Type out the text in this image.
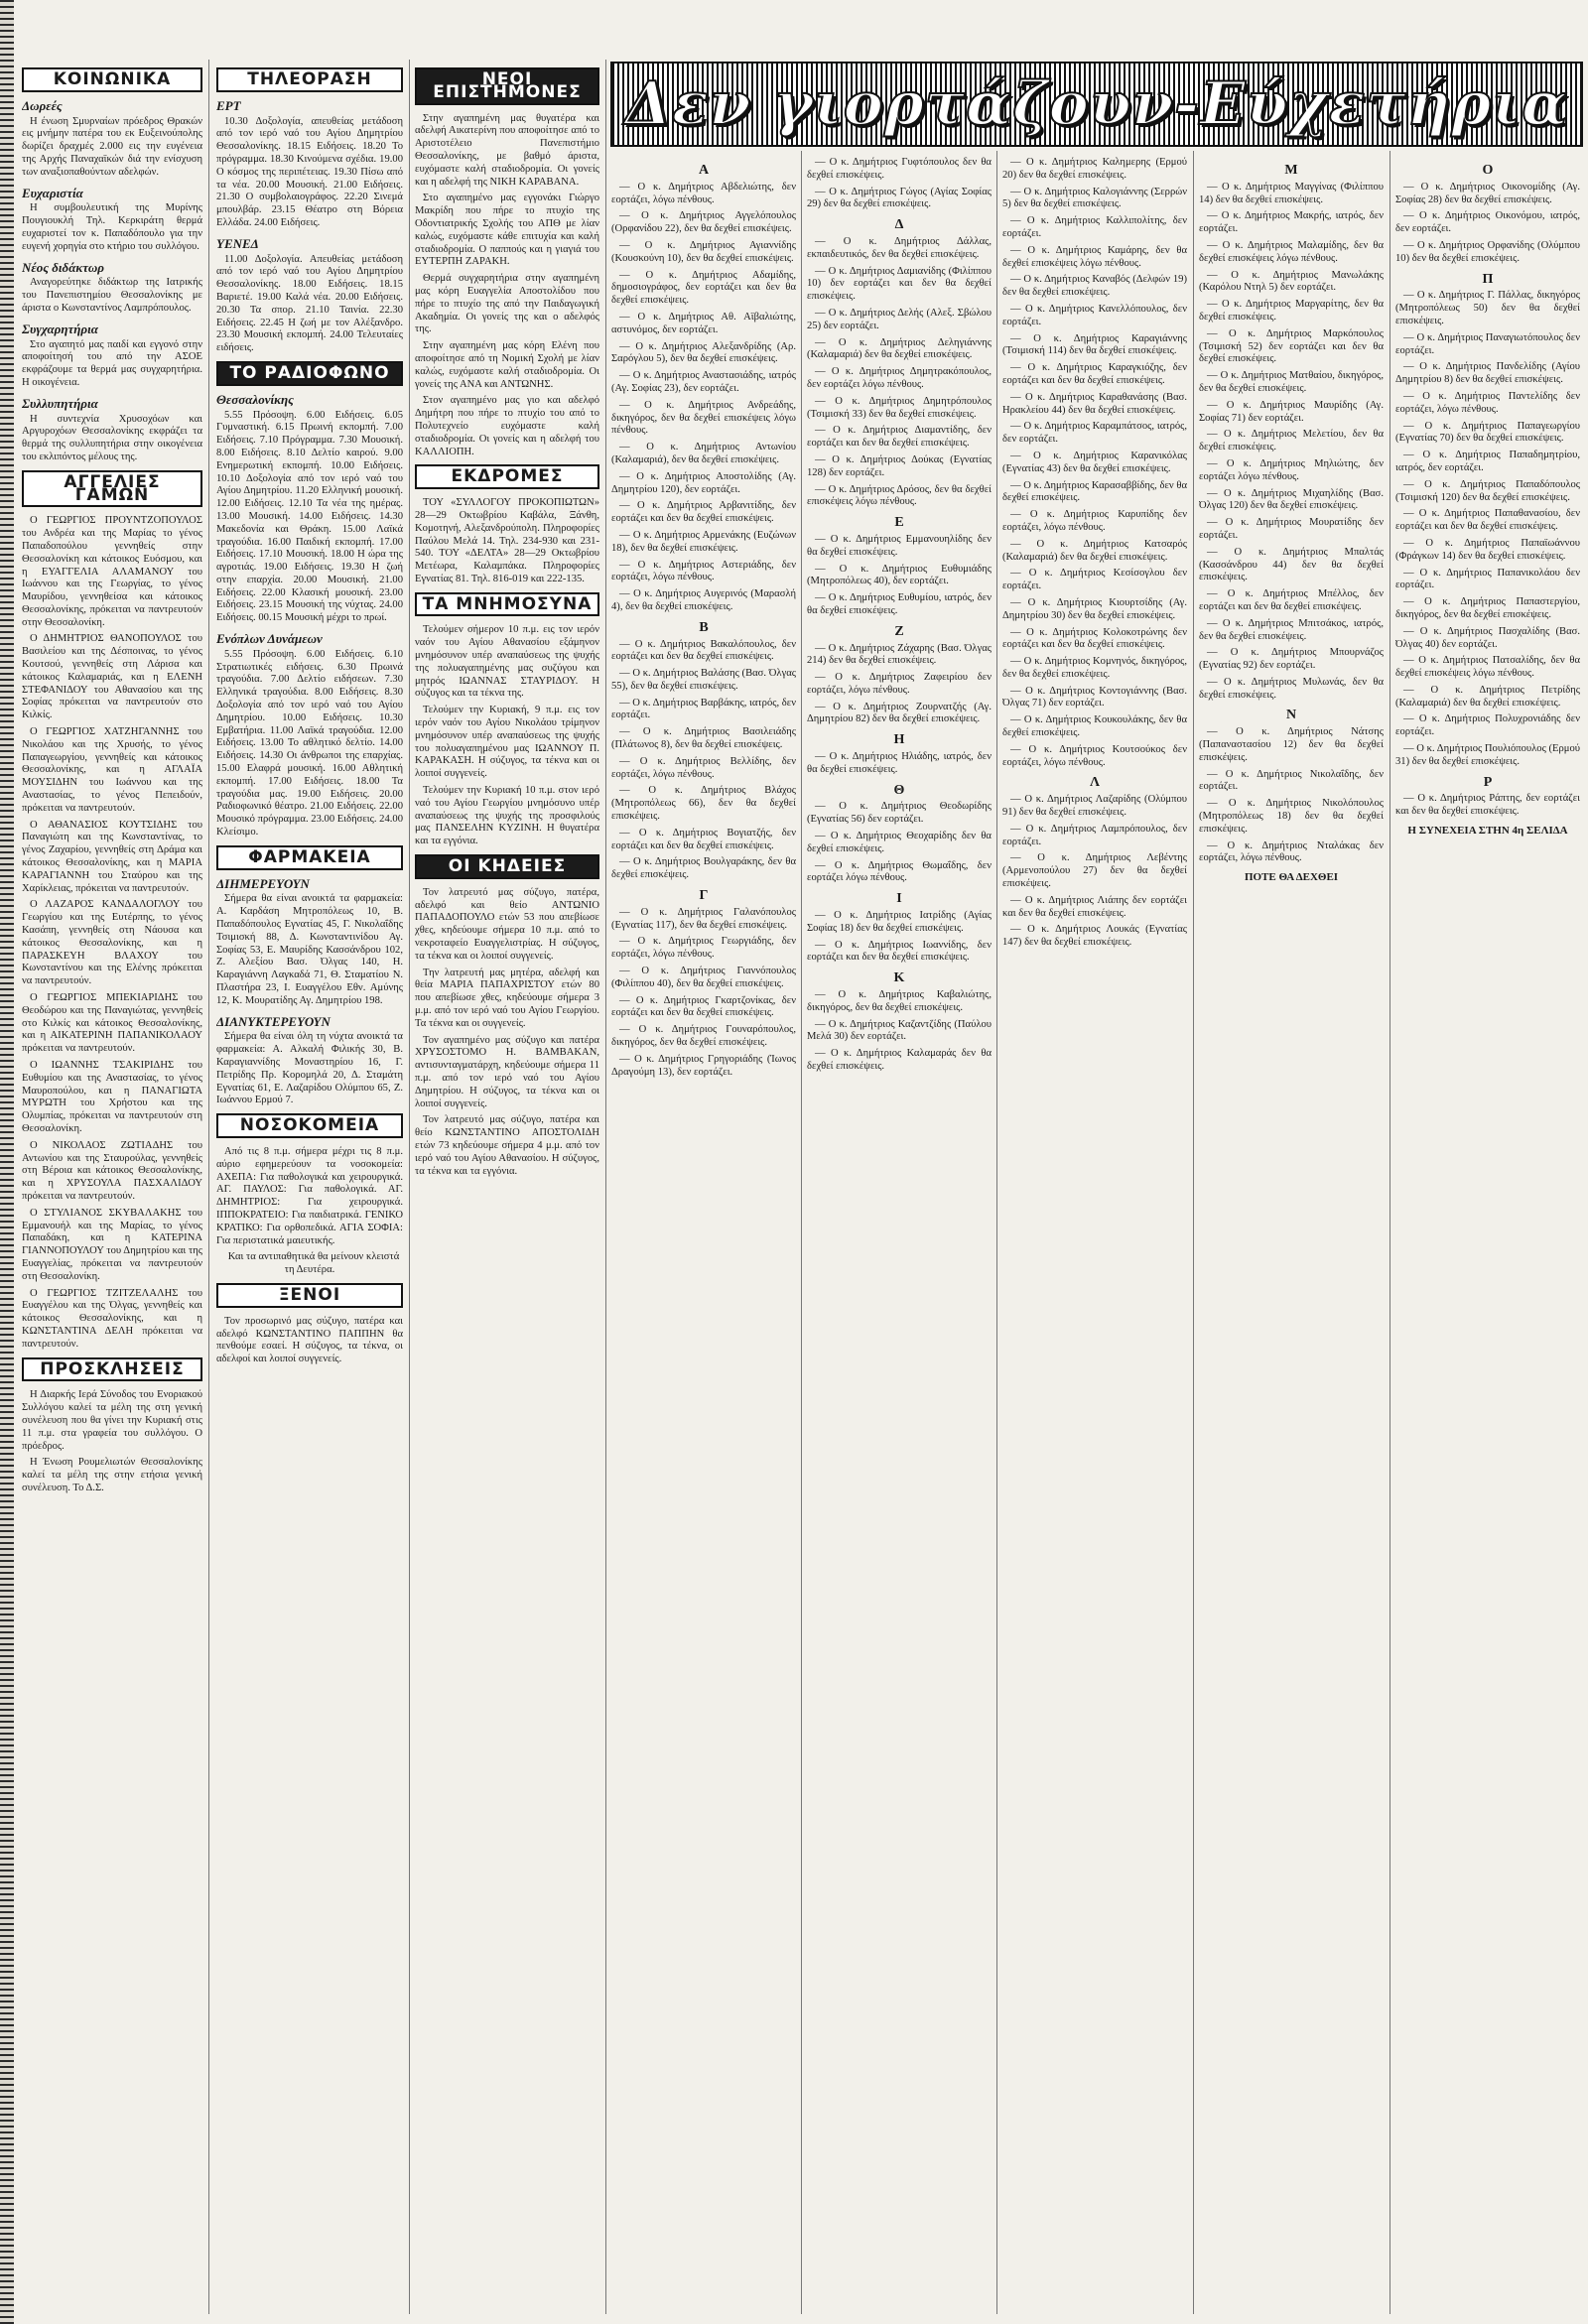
Δεν γιορτάζουν-Εύχετήρια
ΚΟΙΝΩΝΙΚΑ
Δωρεές

Η ένωση Σμυρναίων πρόεδρος Θρακών εις μνήμην πατέρα του εκ Ευξεινούπολης δωρίζει δραχμές 2.000 εις την ευγένεια της Αρχής Παναχαϊκών διά την ενίσχυση των αναξιοπαθούντων αδελφών.

Ευχαριστία

Η συμβουλευτική της Μυρίνης Πουγιουκλή Τηλ. Κερκιράτη θερμά ευχαριστεί τον κ. Παπαδόπουλο για την ευγενή χορηγία στο κτήριο του συλλόγου.

Νέος διδάκτωρ

Αναγορεύτηκε διδάκτωρ της Ιατρικής του Πανεπιστημίου Θεσσαλονίκης με άριστα ο Κωνσταντίνος Λαμπρόπουλος.

Συγχαρητήρια

Στο αγαπητό μας παιδί και εγγονό στην αποφοίτησή του από την ΑΣΟΕ εκφράζουμε τα θερμά μας συγχαρητήρια. Η οικογένεια.

Συλλυπητήρια

Η συντεχνία Χρυσοχόων και Αργυροχόων Θεσσαλονίκης εκφράζει τα θερμά της συλλυπητήρια στην οικογένεια του εκλιπόντος μέλους της.

ΑΓΓΕΛΙΕΣ ΓΑΜΩΝ

Ο ΓΕΩΡΓΙΟΣ ΠΡΟΥΝΤΖΟΠΟΥΛΟΣ του Ανδρέα και της Μαρίας το γένος Παπαδοπούλου γεννηθείς στην Θεσσαλονίκη και κάτοικος Ευόσμου, και η ΕΥΑΓΓΕΛΙΑ ΑΛΑΜΑΝΟΥ του Ιωάννου και της Γεωργίας, το γένος Μαυρίδου, γεννηθείσα και κάτοικος Θεσσαλονίκης, πρόκειται να παντρευτούν στην Θεσσαλονίκη.

Ο ΔΗΜΗΤΡΙΟΣ ΘΑΝΟΠΟΥΛΟΣ του Βασιλείου και της Δέσποινας, το γένος Κουτσού, γεννηθείς στη Λάρισα και κάτοικος Καλαμαριάς, και η ΕΛΕΝΗ ΣΤΕΦΑΝΙΔΟΥ του Αθανασίου και της Σοφίας πρόκειται να παντρευτούν στο Κιλκίς.

Ο ΓΕΩΡΓΙΟΣ ΧΑΤΖΗΓΑΝΝΗΣ του Νικολάου και της Χρυσής, το γένος Παπαγεωργίου, γεννηθείς και κάτοικος Θεσσαλονίκης, και η ΑΓΛΑΪΑ ΜΟΥΣΙΔΗΝ του Ιωάννου και της Αναστασίας, το γένος Πεπειδούν, πρόκειται να παντρευτούν.

Ο ΑΘΑΝΑΣΙΟΣ ΚΟΥΤΣΙΔΗΣ του Παναγιώτη και της Κωνσταντίνας, το γένος Ζαχαρίου, γεννηθείς στη Δράμα και κάτοικος Θεσσαλονίκης, και η ΜΑΡΙΑ ΚΑΡΑΓΙΑΝΝΗ του Σταύρου και της Χαρίκλειας, πρόκειται να παντρευτούν.

Ο ΛΑΖΑΡΟΣ ΚΑΝΔΑΛΟΓΛΟΥ του Γεωργίου και της Ευτέρπης, το γένος Κασάπη, γεννηθείς στη Νάουσα και κάτοικος Θεσσαλονίκης, και η ΠΑΡΑΣΚΕΥΗ ΒΛΑΧΟΥ του Κωνσταντίνου και της Ελένης πρόκειται να παντρευτούν.

Ο ΓΕΩΡΓΙΟΣ ΜΠΕΚΙΑΡΙΔΗΣ του Θεοδώρου και της Παναγιώτας, γεννηθείς στο Κιλκίς και κάτοικος Θεσσαλονίκης, και η ΑΙΚΑΤΕΡΙΝΗ ΠΑΠΑΝΙΚΟΛΑΟΥ πρόκειται να παντρευτούν.

Ο ΙΩΑΝΝΗΣ ΤΣΑΚΙΡΙΔΗΣ του Ευθυμίου και της Αναστασίας, το γένος Μαυροπούλου, και η ΠΑΝΑΓΙΩΤΑ ΜΥΡΩΤΗ του Χρήστου και της Ολυμπίας, πρόκειται να παντρευτούν στη Θεσσαλονίκη.

Ο ΝΙΚΟΛΑΟΣ ΖΩΤΙΑΔΗΣ του Αντωνίου και της Σταυρούλας, γεννηθείς στη Βέροια και κάτοικος Θεσσαλονίκης, και η ΧΡΥΣΟΥΛΑ ΠΑΣΧΑΛΙΔΟΥ πρόκειται να παντρευτούν.

Ο ΣΤΥΛΙΑΝΟΣ ΣΚΥΒΑΛΑΚΗΣ του Εμμανουήλ και της Μαρίας, το γένος Παπαδάκη, και η ΚΑΤΕΡΙΝΑ ΓΙΑΝΝΟΠΟΥΛΟΥ του Δημητρίου και της Ευαγγελίας, πρόκειται να παντρευτούν στη Θεσσαλονίκη.

Ο ΓΕΩΡΓΙΟΣ ΤΖΙΤΖΕΛΑΛΗΣ του Ευαγγέλου και της Όλγας, γεννηθείς και κάτοικος Θεσσαλονίκης, και η ΚΩΝΣΤΑΝΤΙΝΑ ΔΕΛΗ πρόκειται να παντρευτούν.

ΠΡΟΣΚΛΗΣΕΙΣ

Η Διαρκής Ιερά Σύνοδος του Ενοριακού Συλλόγου καλεί τα μέλη της στη γενική συνέλευση που θα γίνει την Κυριακή στις 11 π.μ. στα γραφεία του συλλόγου. Ο πρόεδρος.

Η Ένωση Ρουμελιωτών Θεσσαλονίκης καλεί τα μέλη της στην ετήσια γενική συνέλευση. Το Δ.Σ.

ΤΗΛΕΟΡΑΣΗ
ΕΡΤ

10.30 Δοξολογία, απευθείας μετάδοση από τον ιερό ναό του Αγίου Δημητρίου Θεσσαλονίκης. 18.15 Ειδήσεις. 18.20 Το πρόγραμμα. 18.30 Κινούμενα σχέδια. 19.00 Ο κόσμος της περιπέτειας. 19.30 Πίσω από τα νέα. 20.00 Μουσική. 21.00 Ειδήσεις. 21.30 Ο συμβολαιογράφος. 22.20 Σινεμά μπουλβάρ. 23.15 Θέατρο στη Βόρεια Ελλάδα. 24.00 Ειδήσεις.

ΥΕΝΕΔ

11.00 Δοξολογία. Απευθείας μετάδοση από τον ιερό ναό του Αγίου Δημητρίου Θεσσαλονίκης. 18.00 Ειδήσεις. 18.15 Βαριετέ. 19.00 Καλά νέα. 20.00 Ειδήσεις. 20.30 Τα σπορ. 21.10 Ταινία. 22.30 Ειδήσεις. 22.45 Η ζωή με τον Αλέξανδρο. 23.30 Μουσική εκπομπή. 24.00 Τελευταίες ειδήσεις.

ΤΟ ΡΑΔΙΟΦΩΝΟ
Θεσσαλονίκης

5.55 Πρόσοψη. 6.00 Ειδήσεις. 6.05 Γυμναστική. 6.15 Πρωινή εκπομπή. 7.00 Ειδήσεις. 7.10 Πρόγραμμα. 7.30 Μουσική. 8.00 Ειδήσεις. 8.10 Δελτίο καιρού. 9.00 Ενημερωτική εκπομπή. 10.00 Ειδήσεις. 10.10 Δοξολογία από τον ιερό ναό του Αγίου Δημητρίου. 11.20 Ελληνική μουσική. 12.00 Ειδήσεις. 12.10 Τα νέα της ημέρας. 13.00 Μουσική. 14.00 Ειδήσεις. 14.30 Μακεδονία και Θράκη. 15.00 Λαϊκά τραγούδια. 16.00 Παιδική εκπομπή. 17.00 Ειδήσεις. 17.10 Μουσική. 18.00 Η ώρα της αγροτιάς. 19.00 Ειδήσεις. 19.30 Η ζωή στην επαρχία. 20.00 Μουσική. 21.00 Ειδήσεις. 22.00 Κλασική μουσική. 23.00 Ειδήσεις. 23.15 Μουσική της νύχτας. 24.00 Ειδήσεις. 00.15 Μουσική μέχρι το πρωί.

Ενόπλων Δυνάμεων

5.55 Πρόσοψη. 6.00 Ειδήσεις. 6.10 Στρατιωτικές ειδήσεις. 6.30 Πρωινά τραγούδια. 7.00 Δελτίο ειδήσεων. 7.30 Ελληνικά τραγούδια. 8.00 Ειδήσεις. 8.30 Δοξολογία από τον ιερό ναό του Αγίου Δημητρίου. 10.00 Ειδήσεις. 10.30 Εμβατήρια. 11.00 Λαϊκά τραγούδια. 12.00 Ειδήσεις. 13.00 Το αθλητικό δελτίο. 14.00 Ειδήσεις. 14.30 Οι άνθρωποι της επαρχίας. 15.00 Ελαφρά μουσική. 16.00 Αθλητική εκπομπή. 17.00 Ειδήσεις. 18.00 Τα τραγούδια μας. 19.00 Ειδήσεις. 20.00 Ραδιοφωνικό θέατρο. 21.00 Ειδήσεις. 22.00 Μουσικό πρόγραμμα. 23.00 Ειδήσεις. 24.00 Κλείσιμο.

ΦΑΡΜΑΚΕΙΑ
ΔΙΗΜΕΡΕΥΟΥΝ

Σήμερα θα είναι ανοικτά τα φαρμακεία: Α. Καρδάση Μητροπόλεως 10, Β. Παπαδόπουλος Εγνατίας 45, Γ. Νικολαΐδης Τσιμισκή 88, Δ. Κωνσταντινίδου Αγ. Σοφίας 53, Ε. Μαυρίδης Κασσάνδρου 102, Ζ. Αλεξίου Βασ. Όλγας 140, Η. Καραγιάννη Λαγκαδά 71, Θ. Σταματίου Ν. Πλαστήρα 23, Ι. Ευαγγέλου Εθν. Αμύνης 12, Κ. Μουρατίδης Αγ. Δημητρίου 198.

ΔΙΑΝΥΚΤΕΡΕΥΟΥΝ

Σήμερα θα είναι όλη τη νύχτα ανοικτά τα φαρμακεία: Α. Αλκαλή Φιλικής 30, Β. Καραγιαννίδης Μοναστηρίου 16, Γ. Πετρίδης Πρ. Κορομηλά 20, Δ. Σταμάτη Εγνατίας 61, Ε. Λαζαρίδου Ολύμπου 65, Ζ. Ιωάννου Ερμού 7.

ΝΟΣΟΚΟΜΕΙΑ

Από τις 8 π.μ. σήμερα μέχρι τις 8 π.μ. αύριο εφημερεύουν τα νοσοκομεία: ΑΧΕΠΑ: Για παθολογικά και χειρουργικά. ΑΓ. ΠΑΥΛΟΣ: Για παθολογικά. ΑΓ. ΔΗΜΗΤΡΙΟΣ: Για χειρουργικά. ΙΠΠΟΚΡΑΤΕΙΟ: Για παιδιατρικά. ΓΕΝΙΚΟ ΚΡΑΤΙΚΟ: Για ορθοπεδικά. ΑΓΙΑ ΣΟΦΙΑ: Για περιστατικά μαιευτικής.

Και τα αντιπαθητικά θα μείνουν κλειστά τη Δευτέρα.

ΞΕΝΟΙ

Τον προσωρινό μας σύζυγο, πατέρα και αδελφό ΚΩΝΣΤΑΝΤΙΝΟ ΠΑΠΠΗΝ θα πενθούμε εσαεί. Η σύζυγος, τα τέκνα, οι αδελφοί και λοιποί συγγενείς.

ΝΕΟΙ ΕΠΙΣΤΗΜΟΝΕΣ

Στην αγαπημένη μας θυγατέρα και αδελφή Αικατερίνη που αποφοίτησε από το Αριστοτέλειο Πανεπιστήμιο Θεσσαλονίκης, με βαθμό άριστα, ευχόμαστε καλή σταδιοδρομία. Οι γονείς και η αδελφή της ΝΙΚΗ ΚΑΡΑΒΑΝΑ.

Στο αγαπημένο μας εγγονάκι Γιώργο Μακρίδη που πήρε το πτυχίο της Οδοντιατρικής Σχολής του ΑΠΘ με λίαν καλώς, ευχόμαστε κάθε επιτυχία και καλή σταδιοδρομία. Ο παππούς και η γιαγιά του ΕΥΤΕΡΠΗ ΖΑΡΑΚΗ.

Θερμά συγχαρητήρια στην αγαπημένη μας κόρη Ευαγγελία Αποστολίδου που πήρε το πτυχίο της από την Παιδαγωγική Ακαδημία. Οι γονείς της και ο αδελφός της.

Στην αγαπημένη μας κόρη Ελένη που αποφοίτησε από τη Νομική Σχολή με λίαν καλώς, ευχόμαστε καλή σταδιοδρομία. Οι γονείς της ΑΝΑ και ΑΝΤΩΝΗΣ.

Στον αγαπημένο μας γιο και αδελφό Δημήτρη που πήρε το πτυχίο του από το Πολυτεχνείο ευχόμαστε καλή σταδιοδρομία. Οι γονείς και η αδελφή του ΚΑΛΛΙΟΠΗ.

ΕΚΔΡΟΜΕΣ

ΤΟΥ «ΣΥΛΛΟΓΟΥ ΠΡΟΚΟΠΙΩΤΩΝ» 28—29 Οκτωβρίου Καβάλα, Ξάνθη, Κομοτηνή, Αλεξανδρούπολη. Πληροφορίες Παύλου Μελά 14. Τηλ. 234-930 και 231-540. ΤΟΥ «ΔΕΛΤΑ» 28—29 Οκτωβρίου Μετέωρα, Καλαμπάκα. Πληροφορίες Εγνατίας 81. Τηλ. 816-019 και 222-135.

ΤΑ ΜΝΗΜΟΣΥΝΑ

Τελούμεν σήμερον 10 π.μ. εις τον ιερόν ναόν του Αγίου Αθανασίου εξάμηνον μνημόσυνον υπέρ αναπαύσεως της ψυχής της πολυαγαπημένης μας συζύγου και μητρός ΙΩΑΝΝΑΣ ΣΤΑΥΡΙΔΟΥ. Η σύζυγος και τα τέκνα της.

Τελούμεν την Κυριακή, 9 π.μ. εις τον ιερόν ναόν του Αγίου Νικολάου τρίμηνον μνημόσυνον υπέρ αναπαύσεως της ψυχής του πολυαγαπημένου μας ΙΩΑΝΝΟΥ Π. ΚΑΡΑΚΑΣΗ. Η σύζυγος, τα τέκνα και οι λοιποί συγγενείς.

Τελούμεν την Κυριακή 10 π.μ. στον ιερό ναό του Αγίου Γεωργίου μνημόσυνο υπέρ αναπαύσεως της ψυχής της προσφιλούς μας ΠΑΝΣΕΛΗΝ ΚΥΖΙΝΗ. Η θυγατέρα και τα εγγόνια.

ΟΙ ΚΗΔΕΙΕΣ

Τον λατρευτό μας σύζυγο, πατέρα, αδελφό και θείο ΑΝΤΩΝΙΟ ΠΑΠΑΔΟΠΟΥΛΟ ετών 53 που απεβίωσε χθες, κηδεύουμε σήμερα 10 π.μ. από το νεκροταφείο Ευαγγελιστρίας. Η σύζυγος, τα τέκνα και οι λοιποί συγγενείς.

Την λατρευτή μας μητέρα, αδελφή και θεία ΜΑΡΙΑ ΠΑΠΑΧΡΙΣΤΟΥ ετών 80 που απεβίωσε χθες, κηδεύουμε σήμερα 3 μ.μ. από τον ιερό ναό του Αγίου Γεωργίου. Τα τέκνα και οι συγγενείς.

Τον αγαπημένο μας σύζυγο και πατέρα ΧΡΥΣΟΣΤΟΜΟ Η. ΒΑΜΒΑΚΑΝ, αντισυνταγματάρχη, κηδεύουμε σήμερα 11 π.μ. από τον ιερό ναό του Αγίου Δημητρίου. Η σύζυγος, τα τέκνα και οι λοιποί συγγενείς.

Τον λατρευτό μας σύζυγο, πατέρα και θείο ΚΩΝΣΤΑΝΤΙΝΟ ΑΠΟΣΤΟΛΙΔΗ ετών 73 κηδεύουμε σήμερα 4 μ.μ. από τον ιερό ναό του Αγίου Αθανασίου. Η σύζυγος, τα τέκνα και τα εγγόνια.

Α

— Ο κ. Δημήτριος Αβδελιώτης, δεν εορτάζει, λόγω πένθους.

— Ο κ. Δημήτριος Αγγελόπουλος (Ορφανίδου 22), δεν θα δεχθεί επισκέψεις.

— Ο κ. Δημήτριος Αγιαννίδης (Κουσκούνη 10), δεν θα δεχθεί επισκέψεις.

— Ο κ. Δημήτριος Αδαμίδης, δημοσιογράφος, δεν εορτάζει και δεν θα δεχθεί επισκέψεις.

— Ο κ. Δημήτριος Αθ. Αϊβαλιώτης, αστυνόμος, δεν εορτάζει.

— Ο κ. Δημήτριος Αλεξανδρίδης (Αρ. Σαρόγλου 5), δεν θα δεχθεί επισκέψεις.

— Ο κ. Δημήτριος Αναστασιάδης, ιατρός (Αγ. Σοφίας 23), δεν εορτάζει.

— Ο κ. Δημήτριος Ανδρεάδης, δικηγόρος, δεν θα δεχθεί επισκέψεις λόγω πένθους.

— Ο κ. Δημήτριος Αντωνίου (Καλαμαριά), δεν θα δεχθεί επισκέψεις.

— Ο κ. Δημήτριος Αποστολίδης (Αγ. Δημητρίου 120), δεν εορτάζει.

— Ο κ. Δημήτριος Αρβανιτίδης, δεν εορτάζει και δεν θα δεχθεί επισκέψεις.

— Ο κ. Δημήτριος Αρμενάκης (Ευζώνων 18), δεν θα δεχθεί επισκέψεις.

— Ο κ. Δημήτριος Αστεριάδης, δεν εορτάζει, λόγω πένθους.

— Ο κ. Δημήτριος Αυγερινός (Μαρασλή 4), δεν θα δεχθεί επισκέψεις.

Β

— Ο κ. Δημήτριος Βακαλόπουλος, δεν εορτάζει και δεν θα δεχθεί επισκέψεις.

— Ο κ. Δημήτριος Βαλάσης (Βασ. Όλγας 55), δεν θα δεχθεί επισκέψεις.

— Ο κ. Δημήτριος Βαρβάκης, ιατρός, δεν εορτάζει.

— Ο κ. Δημήτριος Βασιλειάδης (Πλάτωνος 8), δεν θα δεχθεί επισκέψεις.

— Ο κ. Δημήτριος Βελλίδης, δεν εορτάζει, λόγω πένθους.

— Ο κ. Δημήτριος Βλάχος (Μητροπόλεως 66), δεν θα δεχθεί επισκέψεις.

— Ο κ. Δημήτριος Βογιατζής, δεν εορτάζει και δεν θα δεχθεί επισκέψεις.

— Ο κ. Δημήτριος Βουλγαράκης, δεν θα δεχθεί επισκέψεις.

Γ

— Ο κ. Δημήτριος Γαλανόπουλος (Εγνατίας 117), δεν θα δεχθεί επισκέψεις.

— Ο κ. Δημήτριος Γεωργιάδης, δεν εορτάζει, λόγω πένθους.

— Ο κ. Δημήτριος Γιαννόπουλος (Φιλίππου 40), δεν θα δεχθεί επισκέψεις.

— Ο κ. Δημήτριος Γκαρτζονίκας, δεν εορτάζει και δεν θα δεχθεί επισκέψεις.

— Ο κ. Δημήτριος Γουναρόπουλος, δικηγόρος, δεν θα δεχθεί επισκέψεις.

— Ο κ. Δημήτριος Γρηγοριάδης (Ίωνος Δραγούμη 13), δεν εορτάζει.

— Ο κ. Δημήτριος Γυφτόπουλος δεν θα δεχθεί επισκέψεις.

— Ο κ. Δημήτριος Γώγος (Αγίας Σοφίας 29) δεν θα δεχθεί επισκέψεις.

Δ

— Ο κ. Δημήτριος Δάλλας, εκπαιδευτικός, δεν θα δεχθεί επισκέψεις.

— Ο κ. Δημήτριος Δαμιανίδης (Φιλίππου 10) δεν εορτάζει και δεν θα δεχθεί επισκέψεις.

— Ο κ. Δημήτριος Δελής (Αλεξ. Σβώλου 25) δεν εορτάζει.

— Ο κ. Δημήτριος Δεληγιάννης (Καλαμαριά) δεν θα δεχθεί επισκέψεις.

— Ο κ. Δημήτριος Δημητρακόπουλος, δεν εορτάζει λόγω πένθους.

— Ο κ. Δημήτριος Δημητρόπουλος (Τσιμισκή 33) δεν θα δεχθεί επισκέψεις.

— Ο κ. Δημήτριος Διαμαντίδης, δεν εορτάζει και δεν θα δεχθεί επισκέψεις.

— Ο κ. Δημήτριος Δούκας (Εγνατίας 128) δεν εορτάζει.

— Ο κ. Δημήτριος Δρόσος, δεν θα δεχθεί επισκέψεις λόγω πένθους.

Ε

— Ο κ. Δημήτριος Εμμανουηλίδης δεν θα δεχθεί επισκέψεις.

— Ο κ. Δημήτριος Ευθυμιάδης (Μητροπόλεως 40), δεν εορτάζει.

— Ο κ. Δημήτριος Ευθυμίου, ιατρός, δεν θα δεχθεί επισκέψεις.

Ζ

— Ο κ. Δημήτριος Ζάχαρης (Βασ. Όλγας 214) δεν θα δεχθεί επισκέψεις.

— Ο κ. Δημήτριος Ζαφειρίου δεν εορτάζει, λόγω πένθους.

— Ο κ. Δημήτριος Ζουρνατζής (Αγ. Δημητρίου 82) δεν θα δεχθεί επισκέψεις.

Η

— Ο κ. Δημήτριος Ηλιάδης, ιατρός, δεν θα δεχθεί επισκέψεις.

Θ

— Ο κ. Δημήτριος Θεοδωρίδης (Εγνατίας 56) δεν εορτάζει.

— Ο κ. Δημήτριος Θεοχαρίδης δεν θα δεχθεί επισκέψεις.

— Ο κ. Δημήτριος Θωμαΐδης, δεν εορτάζει λόγω πένθους.

Ι

— Ο κ. Δημήτριος Ιατρίδης (Αγίας Σοφίας 18) δεν θα δεχθεί επισκέψεις.

— Ο κ. Δημήτριος Ιωαννίδης, δεν εορτάζει και δεν θα δεχθεί επισκέψεις.

Κ

— Ο κ. Δημήτριος Καβαλιώτης, δικηγόρος, δεν θα δεχθεί επισκέψεις.

— Ο κ. Δημήτριος Καζαντζίδης (Παύλου Μελά 30) δεν εορτάζει.

— Ο κ. Δημήτριος Καλαμαράς δεν θα δεχθεί επισκέψεις.

— Ο κ. Δημήτριος Καλημερης (Ερμού 20) δεν θα δεχθεί επισκέψεις.

— Ο κ. Δημήτριος Καλογιάννης (Σερρών 5) δεν θα δεχθεί επισκέψεις.

— Ο κ. Δημήτριος Καλλιπολίτης, δεν εορτάζει.

— Ο κ. Δημήτριος Καμάρης, δεν θα δεχθεί επισκέψεις λόγω πένθους.

— Ο κ. Δημήτριος Καναβός (Δελφών 19) δεν θα δεχθεί επισκέψεις.

— Ο κ. Δημήτριος Κανελλόπουλος, δεν εορτάζει.

— Ο κ. Δημήτριος Καραγιάννης (Τσιμισκή 114) δεν θα δεχθεί επισκέψεις.

— Ο κ. Δημήτριος Καραγκιόζης, δεν εορτάζει και δεν θα δεχθεί επισκέψεις.

— Ο κ. Δημήτριος Καραθανάσης (Βασ. Ηρακλείου 44) δεν θα δεχθεί επισκέψεις.

— Ο κ. Δημήτριος Καραμπάτσος, ιατρός, δεν εορτάζει.

— Ο κ. Δημήτριος Καρανικόλας (Εγνατίας 43) δεν θα δεχθεί επισκέψεις.

— Ο κ. Δημήτριος Καρασαββίδης, δεν θα δεχθεί επισκέψεις.

— Ο κ. Δημήτριος Καρυπίδης δεν εορτάζει, λόγω πένθους.

— Ο κ. Δημήτριος Κατσαρός (Καλαμαριά) δεν θα δεχθεί επισκέψεις.

— Ο κ. Δημήτριος Κεσίσογλου δεν εορτάζει.

— Ο κ. Δημήτριος Κιουρτσίδης (Αγ. Δημητρίου 30) δεν θα δεχθεί επισκέψεις.

— Ο κ. Δημήτριος Κολοκοτρώνης δεν εορτάζει και δεν θα δεχθεί επισκέψεις.

— Ο κ. Δημήτριος Κομνηνός, δικηγόρος, δεν θα δεχθεί επισκέψεις.

— Ο κ. Δημήτριος Κοντογιάννης (Βασ. Όλγας 71) δεν εορτάζει.

— Ο κ. Δημήτριος Κουκουλάκης, δεν θα δεχθεί επισκέψεις.

— Ο κ. Δημήτριος Κουτσούκος δεν εορτάζει, λόγω πένθους.

Λ

— Ο κ. Δημήτριος Λαζαρίδης (Ολύμπου 91) δεν θα δεχθεί επισκέψεις.

— Ο κ. Δημήτριος Λαμπρόπουλος, δεν εορτάζει.

— Ο κ. Δημήτριος Λεβέντης (Αρμενοπούλου 27) δεν θα δεχθεί επισκέψεις.

— Ο κ. Δημήτριος Λιάπης δεν εορτάζει και δεν θα δεχθεί επισκέψεις.

— Ο κ. Δημήτριος Λουκάς (Εγνατίας 147) δεν θα δεχθεί επισκέψεις.

Μ

— Ο κ. Δημήτριος Μαγγίνας (Φιλίππου 14) δεν θα δεχθεί επισκέψεις.

— Ο κ. Δημήτριος Μακρής, ιατρός, δεν εορτάζει.

— Ο κ. Δημήτριος Μαλαμίδης, δεν θα δεχθεί επισκέψεις λόγω πένθους.

— Ο κ. Δημήτριος Μανωλάκης (Καρόλου Ντηλ 5) δεν εορτάζει.

— Ο κ. Δημήτριος Μαργαρίτης, δεν θα δεχθεί επισκέψεις.

— Ο κ. Δημήτριος Μαρκόπουλος (Τσιμισκή 52) δεν εορτάζει και δεν θα δεχθεί επισκέψεις.

— Ο κ. Δημήτριος Ματθαίου, δικηγόρος, δεν θα δεχθεί επισκέψεις.

— Ο κ. Δημήτριος Μαυρίδης (Αγ. Σοφίας 71) δεν εορτάζει.

— Ο κ. Δημήτριος Μελετίου, δεν θα δεχθεί επισκέψεις.

— Ο κ. Δημήτριος Μηλιώτης, δεν εορτάζει λόγω πένθους.

— Ο κ. Δημήτριος Μιχαηλίδης (Βασ. Όλγας 120) δεν θα δεχθεί επισκέψεις.

— Ο κ. Δημήτριος Μουρατίδης δεν εορτάζει.

— Ο κ. Δημήτριος Μπαλτάς (Κασσάνδρου 44) δεν θα δεχθεί επισκέψεις.

— Ο κ. Δημήτριος Μπέλλος, δεν εορτάζει και δεν θα δεχθεί επισκέψεις.

— Ο κ. Δημήτριος Μπιτσάκος, ιατρός, δεν θα δεχθεί επισκέψεις.

— Ο κ. Δημήτριος Μπουρνάζος (Εγνατίας 92) δεν εορτάζει.

— Ο κ. Δημήτριος Μυλωνάς, δεν θα δεχθεί επισκέψεις.

Ν

— Ο κ. Δημήτριος Νάτσης (Παπαναστασίου 12) δεν θα δεχθεί επισκέψεις.

— Ο κ. Δημήτριος Νικολαΐδης, δεν εορτάζει.

— Ο κ. Δημήτριος Νικολόπουλος (Μητροπόλεως 18) δεν θα δεχθεί επισκέψεις.

— Ο κ. Δημήτριος Νταλάκας δεν εορτάζει, λόγω πένθους.

ΠΟΤΕ ΘΑ ΔΕΧΘΕΙ
Ο

— Ο κ. Δημήτριος Οικονομίδης (Αγ. Σοφίας 28) δεν θα δεχθεί επισκέψεις.

— Ο κ. Δημήτριος Οικονόμου, ιατρός, δεν εορτάζει.

— Ο κ. Δημήτριος Ορφανίδης (Ολύμπου 10) δεν θα δεχθεί επισκέψεις.

Π

— Ο κ. Δημήτριος Γ. Πάλλας, δικηγόρος (Μητροπόλεως 50) δεν θα δεχθεί επισκέψεις.

— Ο κ. Δημήτριος Παναγιωτόπουλος δεν εορτάζει.

— Ο κ. Δημήτριος Πανδελίδης (Αγίου Δημητρίου 8) δεν θα δεχθεί επισκέψεις.

— Ο κ. Δημήτριος Παντελίδης δεν εορτάζει, λόγω πένθους.

— Ο κ. Δημήτριος Παπαγεωργίου (Εγνατίας 70) δεν θα δεχθεί επισκέψεις.

— Ο κ. Δημήτριος Παπαδημητρίου, ιατρός, δεν εορτάζει.

— Ο κ. Δημήτριος Παπαδόπουλος (Τσιμισκή 120) δεν θα δεχθεί επισκέψεις.

— Ο κ. Δημήτριος Παπαθανασίου, δεν εορτάζει και δεν θα δεχθεί επισκέψεις.

— Ο κ. Δημήτριος Παπαϊωάννου (Φράγκων 14) δεν θα δεχθεί επισκέψεις.

— Ο κ. Δημήτριος Παπανικολάου δεν εορτάζει.

— Ο κ. Δημήτριος Παπαστεργίου, δικηγόρος, δεν θα δεχθεί επισκέψεις.

— Ο κ. Δημήτριος Πασχαλίδης (Βασ. Όλγας 40) δεν εορτάζει.

— Ο κ. Δημήτριος Πατσαλίδης, δεν θα δεχθεί επισκέψεις λόγω πένθους.

— Ο κ. Δημήτριος Πετρίδης (Καλαμαριά) δεν θα δεχθεί επισκέψεις.

— Ο κ. Δημήτριος Πολυχρονιάδης δεν εορτάζει.

— Ο κ. Δημήτριος Πουλιόπουλος (Ερμού 31) δεν θα δεχθεί επισκέψεις.

Ρ

— Ο κ. Δημήτριος Ράπτης, δεν εορτάζει και δεν θα δεχθεί επισκέψεις.

Η ΣΥΝΕΧΕΙΑ ΣΤΗΝ 4η ΣΕΛΙΔΑ
